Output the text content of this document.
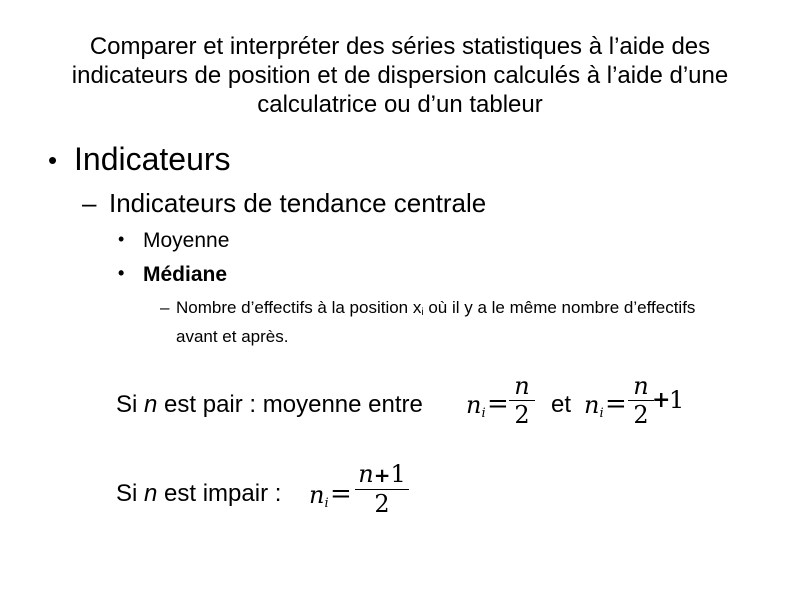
Comparer et interpréter des séries statistiques à l’aide des indicateurs de position et de dispersion calculés à l’aide d’une calculatrice ou d’un tableur
• Indicateurs
– Indicateurs de tendance centrale
• Moyenne
• Médiane
– Nombre d’effectifs à la position $x_i$ où il y a le même nombre d’effectifs avant et après.
Si n est pair : moyenne entre $n_i$ =
n
2 et $n_i$ =
n
2
+
1
Si n est impair : $n_i$ =
n+1
2
